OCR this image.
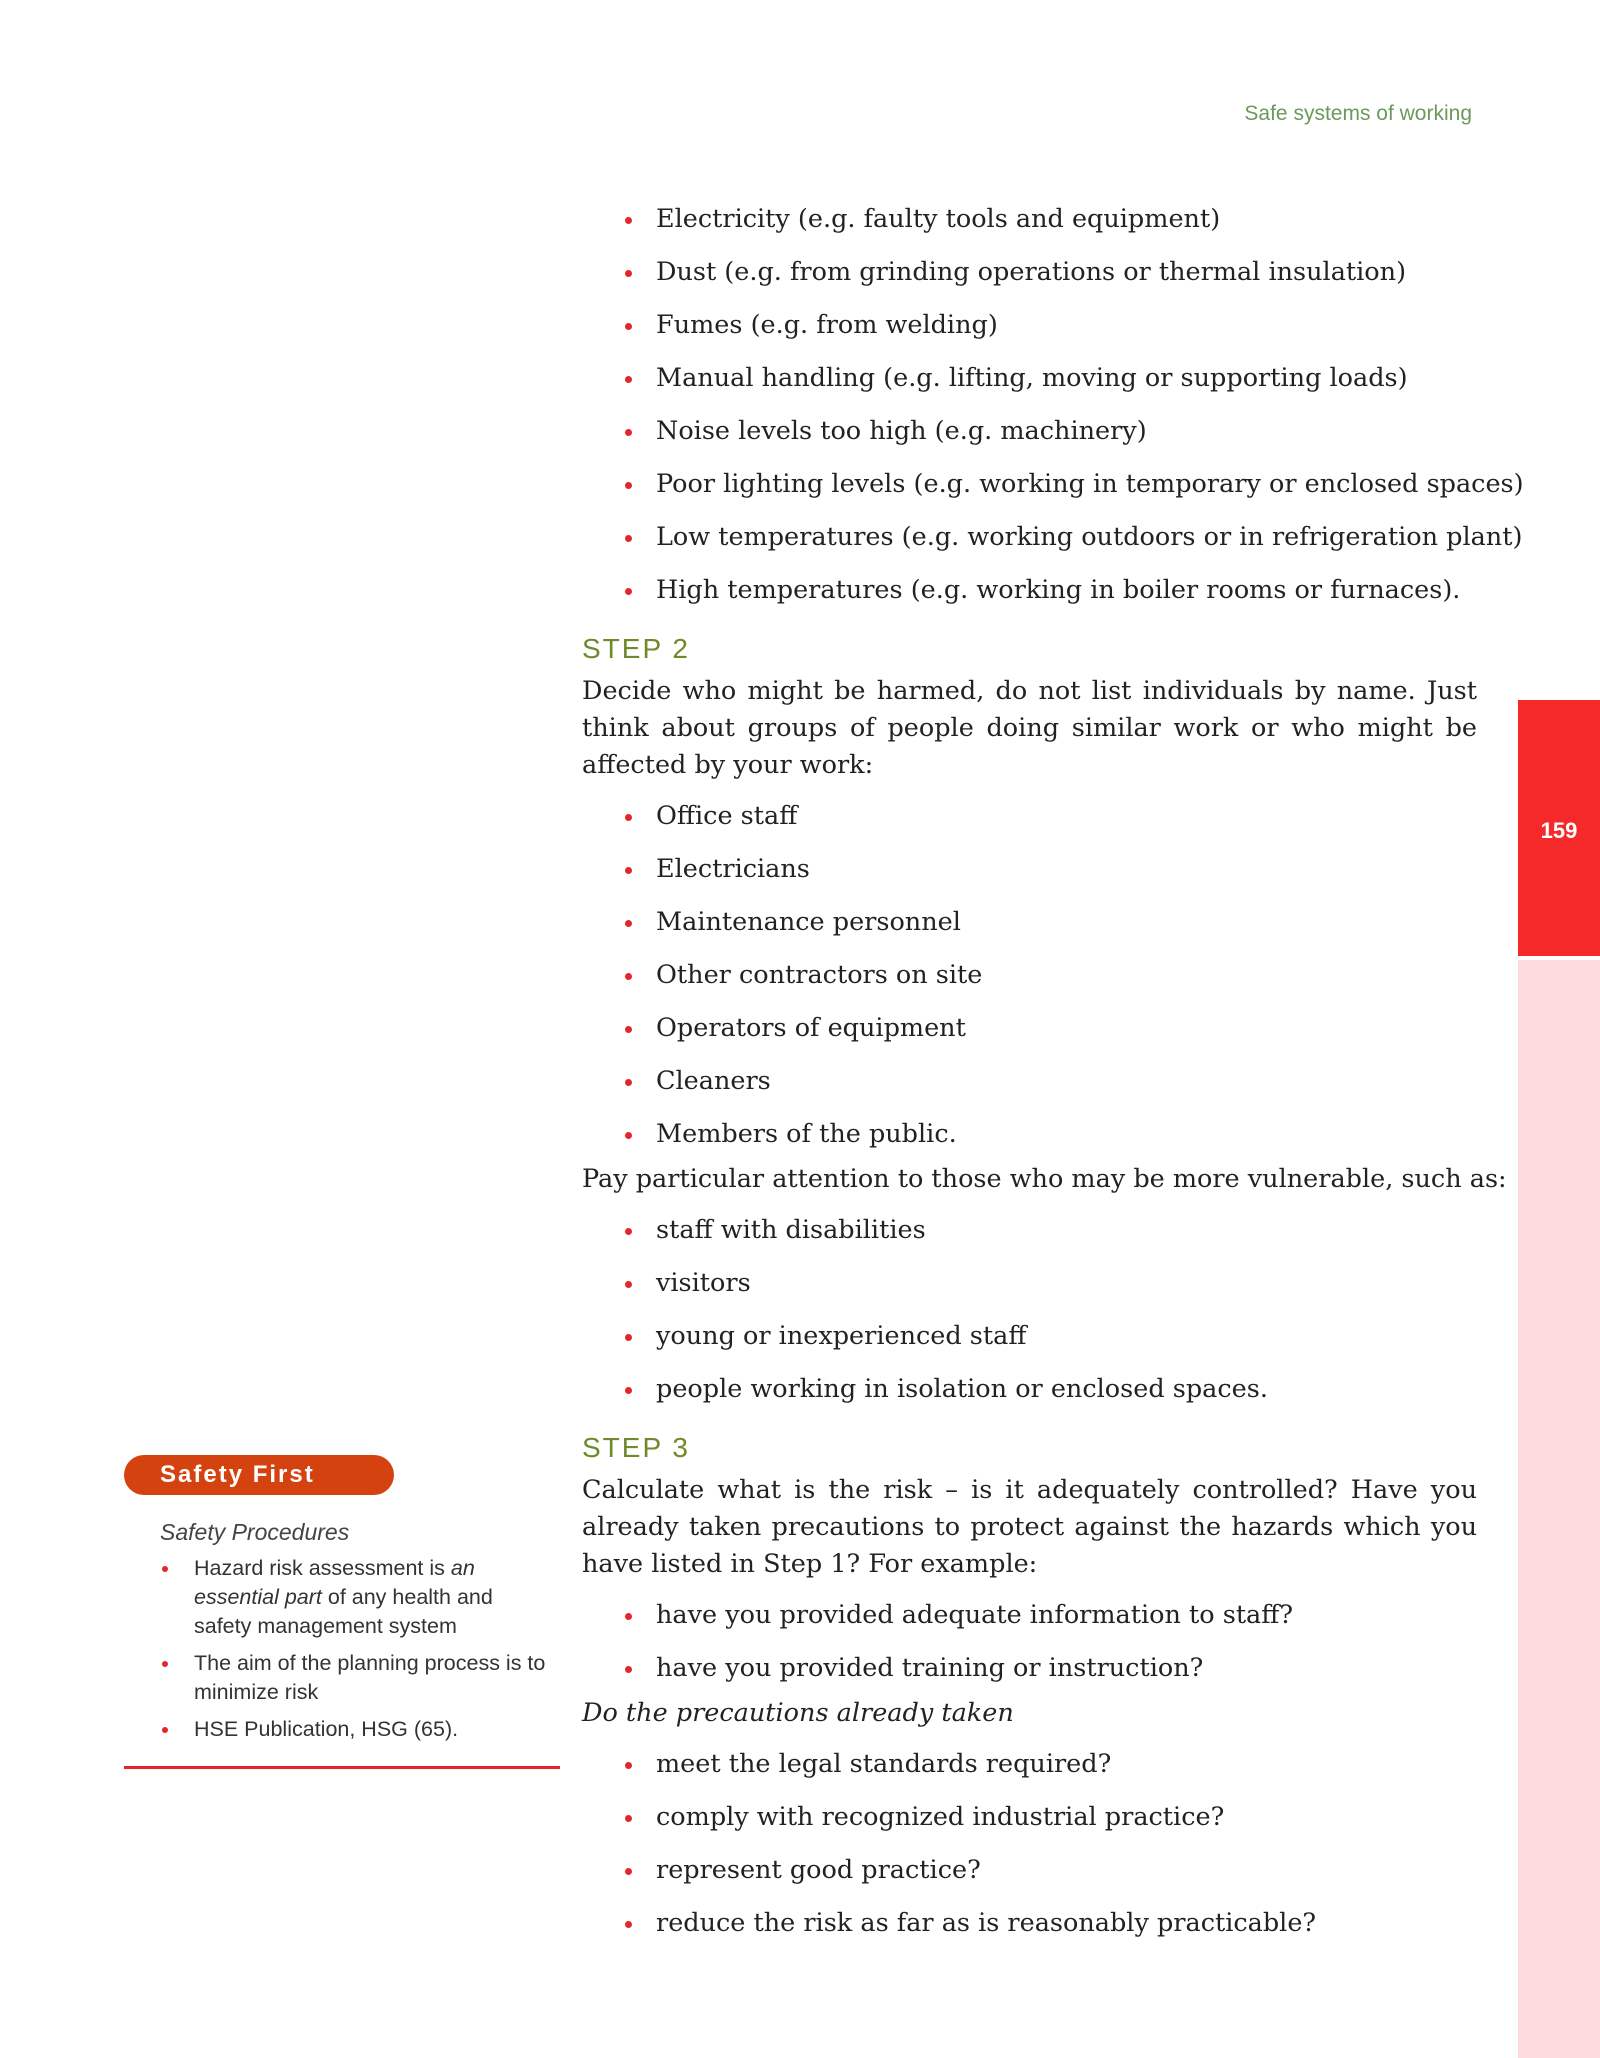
Safe systems of working
159
Electricity (e.g. faulty tools and equipment)
Dust (e.g. from grinding operations or thermal insulation)
Fumes (e.g. from welding)
Manual handling (e.g. lifting, moving or supporting loads)
Noise levels too high (e.g. machinery)
Poor lighting levels (e.g. working in temporary or enclosed spaces)
Low temperatures (e.g. working outdoors or in refrigeration plant)
High temperatures (e.g. working in boiler rooms or furnaces).
STEP 2

Decide who might be harmed, do not list individuals by name. Just think about groups of people doing similar work or who might be affected by your work:

Office staff
Electricians
Maintenance personnel
Other contractors on site
Operators of equipment
Cleaners
Members of the public.

Pay particular attention to those who may be more vulnerable, such as:

staff with disabilities
visitors
young or inexperienced staff
people working in isolation or enclosed spaces.
STEP 3

Calculate what is the risk – is it adequately controlled? Have you already taken precautions to protect against the hazards which you have listed in Step 1? For example:

have you provided adequate information to staff?
have you provided training or instruction?

Do the precautions already taken

meet the legal standards required?
comply with recognized industrial practice?
represent good practice?
reduce the risk as far as is reasonably practicable?
Safety First
Safety Procedures
Hazard risk assessment is an essential part of any health and safety management system
The aim of the planning process is to minimize risk
HSE Publication, HSG (65).
